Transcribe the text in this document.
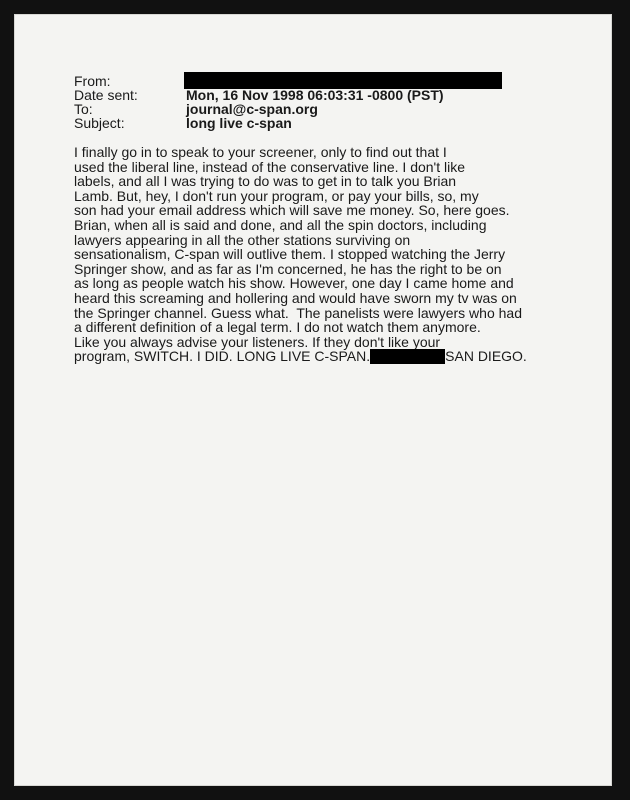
From:
Date sent:	Mon, 16 Nov 1998 06:03:31 -0800 (PST)
To:	journal@c-span.org
Subject:	long live c-span
I finally go in to speak to your screener, only to find out that I
used the liberal line, instead of the conservative line. I don't like
labels, and all I was trying to do was to get in to talk you Brian
Lamb. But, hey, I don't run your program, or pay your bills, so, my
son had your email address which will save me money. So, here goes.
Brian, when all is said and done, and all the spin doctors, including
lawyers appearing in all the other stations surviving on
sensationalism, C-span will outlive them. I stopped watching the Jerry
Springer show, and as far as I'm concerned, he has the right to be on
as long as people watch his show. However, one day I came home and
heard this screaming and hollering and would have sworn my tv was on
the Springer channel. Guess what.  The panelists were lawyers who had
a different definition of a legal term. I do not watch them anymore.
Like you always advise your listeners. If they don't like your
program, SWITCH. I DID. LONG LIVE C-SPAN.	SAN DIEGO.
